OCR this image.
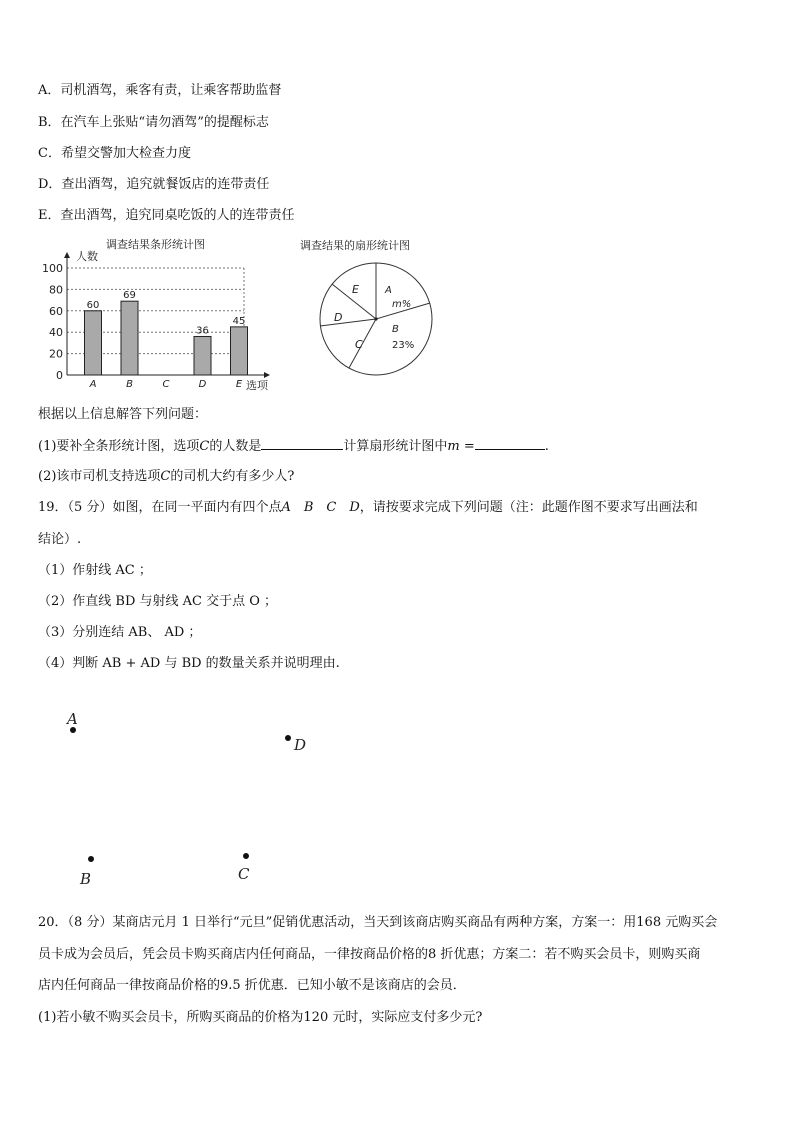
A．司机酒驾，乘客有责，让乘客帮助监督
B．在汽车上张贴“请勿酒驾”的提醒标志
C．希望交警加大检查力度
D．查出酒驾，追究就餐饭店的连带责任
E．查出酒驾，追究同桌吃饭的人的连带责任
调查结果条形统计图
人数
100
80
60
40
20
0
60
69
36
45
A	B	C	D	E 选项
调查结果的扇形统计图
A
m%
B
23%
C
D
E
根据以上信息解答下列问题：
(1)要补全条形统计图，选项C的人数是	计算扇形统计图中m =	.
(2)该市司机支持选项C的司机大约有多少人?
19．（5 分）如图，在同一平面内有四个点A　B　C　D，请按要求完成下列问题（注：此题作图不要求写出画法和
结论）.
（1）作射线 AC ；
（2）作直线 BD 与射线 AC 交于点 O ；
（3）分别连结 AB、 AD ；
（4）判断 AB + AD 与 BD 的数量关系并说明理由.
A
D
B	C
20．（8 分）某商店元月 1 日举行“元旦”促销优惠活动，当天到该商店购买商品有两种方案，方案一：用168 元购买会
员卡成为会员后，凭会员卡购买商店内任何商品，一律按商品价格的8 折优惠；方案二：若不购买会员卡，则购买商
店内任何商品一律按商品价格的9.5 折优惠．已知小敏不是该商店的会员．
(1)若小敏不购买会员卡，所购买商品的价格为120 元时，实际应支付多少元?
